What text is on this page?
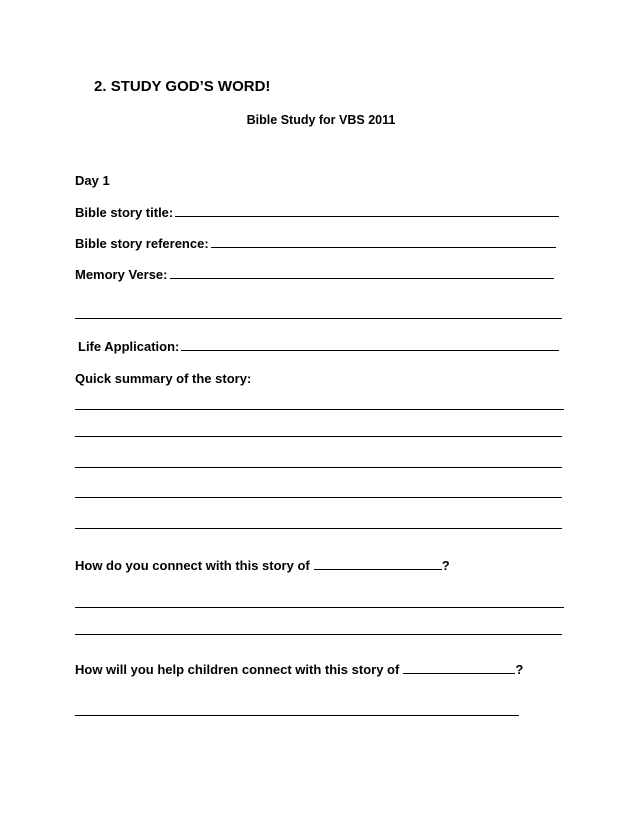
2. STUDY GOD’S WORD!
Bible Study for VBS 2011
Day 1
Bible story title:
Bible story reference:
Memory Verse:
Life Application:
Quick summary of the story:
How do you connect with this story of	?
How will you help children connect with this story of	?
